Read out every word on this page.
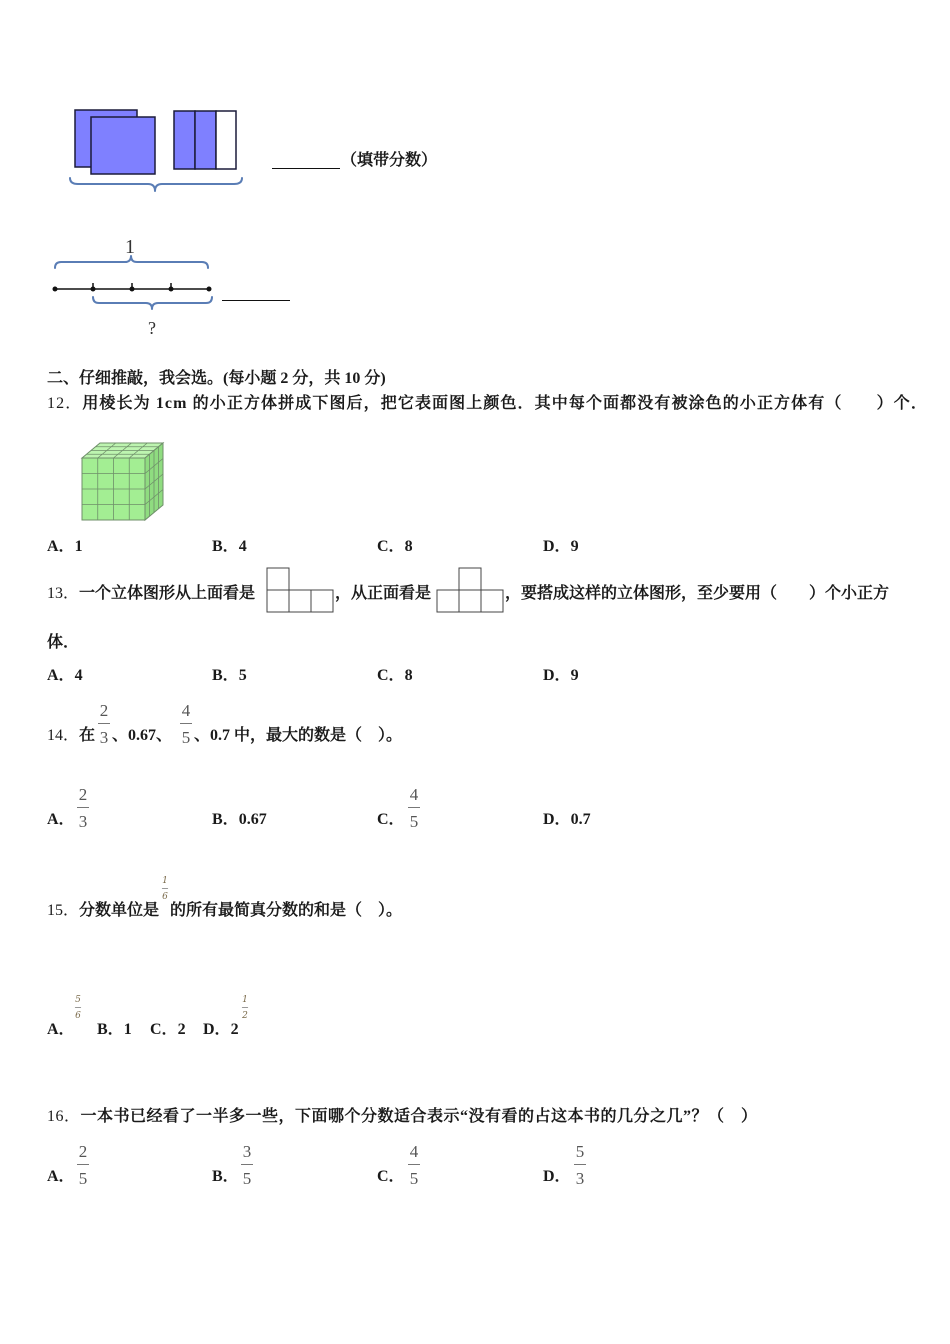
（填带分数）
1
?
二、仔细推敲，我会选。(每小题 2 分，共 10 分)
12．用棱长为 1cm 的小正方体拼成下图后，把它表面图上颜色．其中每个面都没有被涂色的小正方体有（　　）个．
A．1	B．4	C．8	D．9
13．一个立体图形从上面看是	，从正面看是	，要搭成这样的立体图形，至少要用（　　）个小正方
体．
A．4	B．5	C．8	D．9
14．在
2
3 、0.67、
4
5 、0.7 中，最大的数是（　）。
A．
2
3	B．0.67	C．
4
5	D．0.7
15．分数单位是
1
6
的所有最简真分数的和是（　）。
A．
5
6
B．1 C．2 D．2
1
2
16．一本书已经看了一半多一些，下面哪个分数适合表示“没有看的占这本书的几分之几”？（　）
A．
2
5	B．
3
5	C．
4
5	D．
5
3
